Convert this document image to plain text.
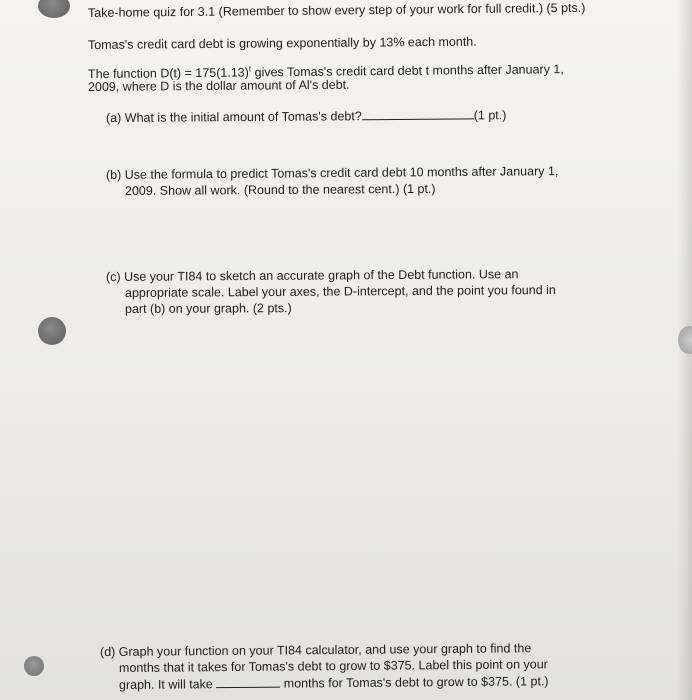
Take-home quiz for 3.1 (Remember to show every step of your work for full credit.) (5 pts.)
Tomas's credit card debt is growing exponentially by 13% each month.
The function $D(t) = 175(1.13)^t$ gives Tomas's credit card debt t months after January 1,
2009, where D is the dollar amount of Al's debt.
(a) What is the initial amount of Tomas's debt?	(1 pt.)
(b) Use the formula to predict Tomas's credit card debt 10 months after January 1,
2009. Show all work. (Round to the nearest cent.) (1 pt.)
(c) Use your TI84 to sketch an accurate graph of the Debt function. Use an
appropriate scale. Label your axes, the D-intercept, and the point you found in
part (b) on your graph. (2 pts.)
(d) Graph your function on your TI84 calculator, and use your graph to find the
months that it takes for Tomas's debt to grow to $375. Label this point on your
graph. It will take	months for Tomas's debt to grow to $375. (1 pt.)
